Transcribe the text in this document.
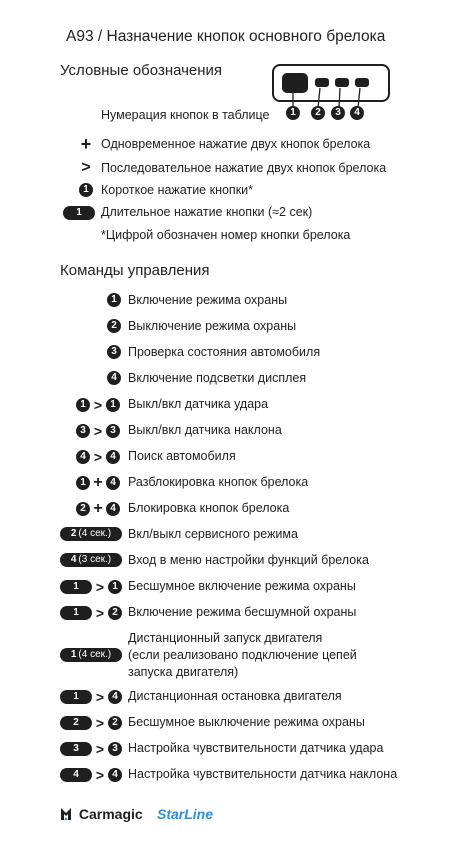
А93 / Назначение кнопок основного брелока
Условные обозначения
1	2	3	4
Нумерация кнопок в таблице
+ Одновременное нажатие двух кнопок брелока
> Последовательное нажатие двух кнопок брелока
1 Короткое нажатие кнопки*
1	Длительное нажатие кнопки (≈2 сек)
*Цифрой обозначен номер кнопки брелока
Команды управления
1 Включение режима охраны
2 Выключение режима охраны
3 Проверка состояния автомобиля
4 Включение подсветки дисплея
1 > 1 Выкл/вкл датчика удара
3 > 3 Выкл/вкл датчика наклона
4 > 4 Поиск автомобиля
1 + 4 Разблокировка кнопок брелока
2 + 4 Блокировка кнопок брелока
2 (4 сек.) Вкл/выкл сервисного режима
4 (3 сек.) Вход в меню настройки функций брелока
1	> 1 Бесшумное включение режима охраны
1	> 2 Включение режима бесшумной охраны
1 (4 сек.)
Дистанционный запуск двигателя
(если реализовано подключение цепей
запуска двигателя)
1	> 4 Дистанционная остановка двигателя
2	> 2 Бесшумное выключение режима охраны
3	> 3 Настройка чувствительности датчика удара
4	> 4 Настройка чувствительности датчика наклона
Carmagic StarLine
